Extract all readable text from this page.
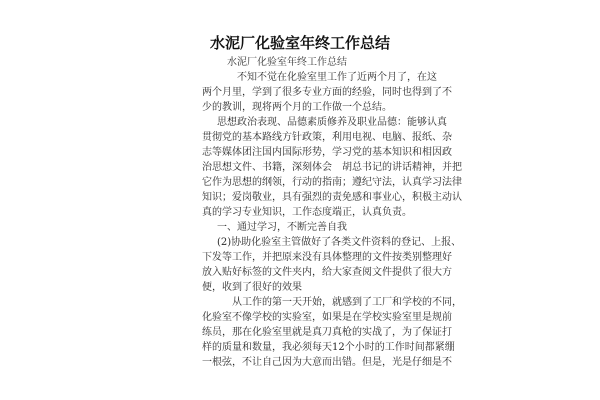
水泥厂化验室年终工作总结
水泥厂化验室年终工作总结
不知不觉在化验室里工作了近两个月了，在这
两个月里，学到了很多专业方面的经验，同时也得到了不
少的教训，现将两个月的工作做一个总结。
思想政治表现、品德素质修养及职业品德：能够认真
贯彻党的基本路线方针政策，利用电视、电脑、报纸、杂
志等媒体团注国内国际形势，学习党的基本知识和相因政
治思想文件、书籍，深刻体会　胡总书记的讲话精神，并把
它作为思想的纲领，行动的指南；遵纪守法，认真学习法律
知识；爱岗敬业，具有强烈的责免感和事业心，积极主动认
真的学习专业知识，工作态度端正，认真负责。
一、通过学习，不断完善自我
(2)协助化验室主管做好了各类文件资料的登记、上报、
下发等工作，并把原来没有具体整理的文件按类别整理好
放入贴好标签的文件夹内，给大家查阅文件提供了很大方
便，收到了很好的效果
从工作的第一天开始，就感到了工厂和学校的不同，
化验室不像学校的实验室，如果是在学校实验室里是规前
练员，那在化验室里就是真刀真枪的实战了，为了保证打
样的质量和数量，我必须每天12个小时的工作时间都紧绷
一根弦，不让自己因为大意而出错。但是，光是仔细是不
